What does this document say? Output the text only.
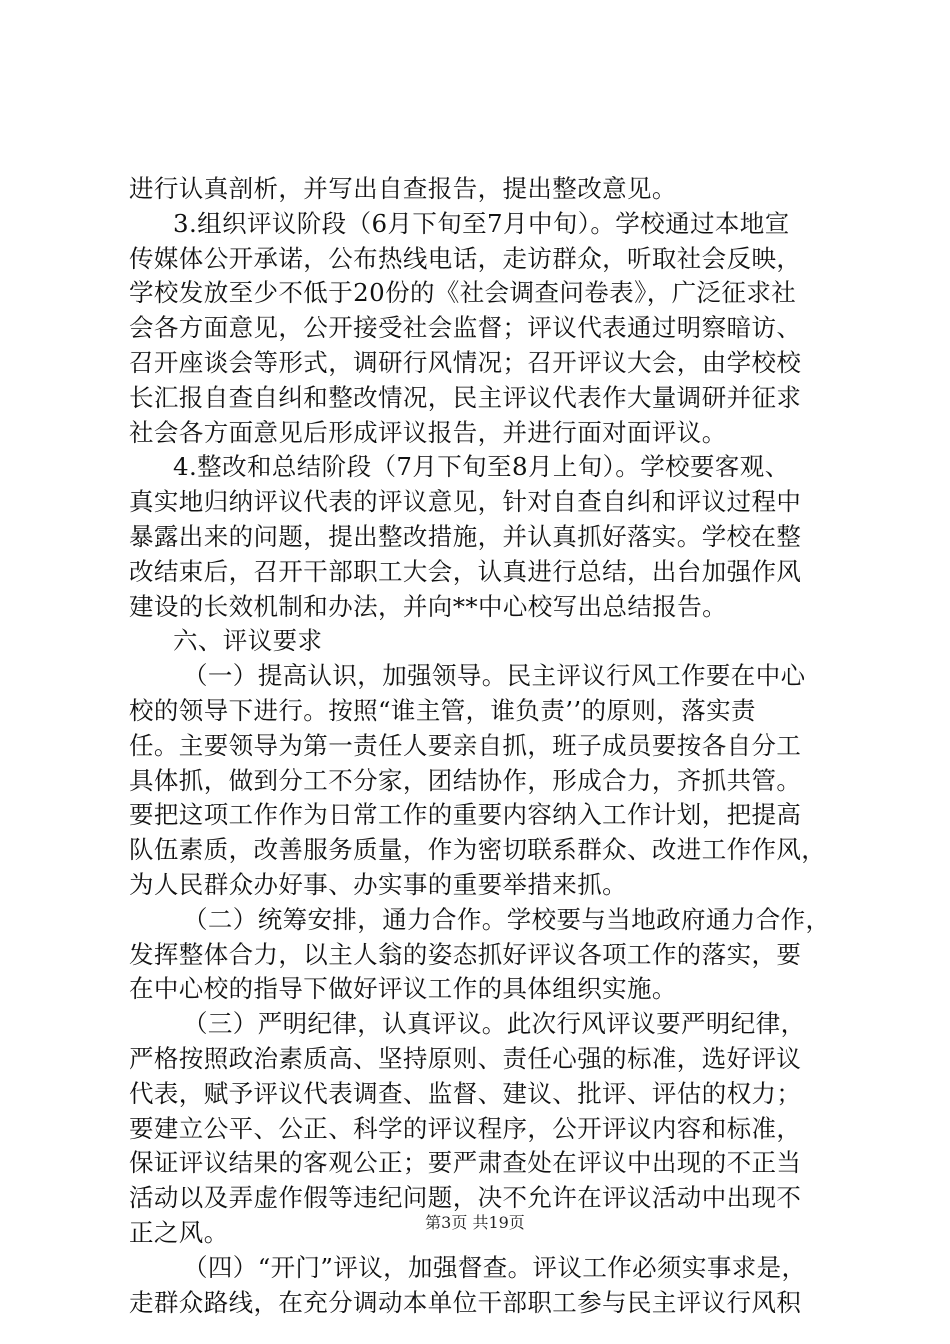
进行认真剖析，并写出自查报告，提出整改意见。
3.组织评议阶段（6月下旬至7月中旬）。学校通过本地宣
传媒体公开承诺，公布热线电话，走访群众，听取社会反映，
学校发放至少不低于20份的《社会调查问卷表》，广泛征求社
会各方面意见，公开接受社会监督；评议代表通过明察暗访、
召开座谈会等形式，调研行风情况；召开评议大会，由学校校
长汇报自查自纠和整改情况，民主评议代表作大量调研并征求
社会各方面意见后形成评议报告，并进行面对面评议。
4.整改和总结阶段（7月下旬至8月上旬）。学校要客观、
真实地归纳评议代表的评议意见，针对自查自纠和评议过程中
暴露出来的问题，提出整改措施，并认真抓好落实。学校在整
改结束后，召开干部职工大会，认真进行总结，出台加强作风
建设的长效机制和办法，并向**中心校写出总结报告。
六、评议要求
（一）提高认识，加强领导。民主评议行风工作要在中心
校的领导下进行。按照“谁主管，谁负责’’的原则，落实责
任。主要领导为第一责任人要亲自抓，班子成员要按各自分工
具体抓，做到分工不分家，团结协作，形成合力，齐抓共管。
要把这项工作作为日常工作的重要内容纳入工作计划，把提高
队伍素质，改善服务质量，作为密切联系群众、改进工作作风，
为人民群众办好事、办实事的重要举措来抓。
（二）统筹安排，通力合作。学校要与当地政府通力合作，
发挥整体合力，以主人翁的姿态抓好评议各项工作的落实，要
在中心校的指导下做好评议工作的具体组织实施。
（三）严明纪律，认真评议。此次行风评议要严明纪律，
严格按照政治素质高、坚持原则、责任心强的标准，选好评议
代表，赋予评议代表调查、监督、建议、批评、评估的权力；
要建立公平、公正、科学的评议程序，公开评议内容和标准，
保证评议结果的客观公正；要严肃查处在评议中出现的不正当
活动以及弄虚作假等违纪问题，决不允许在评议活动中出现不
正之风。
（四）“开门”评议，加强督查。评议工作必须实事求是，
走群众路线，在充分调动本单位干部职工参与民主评议行风积
第3页 共19页
